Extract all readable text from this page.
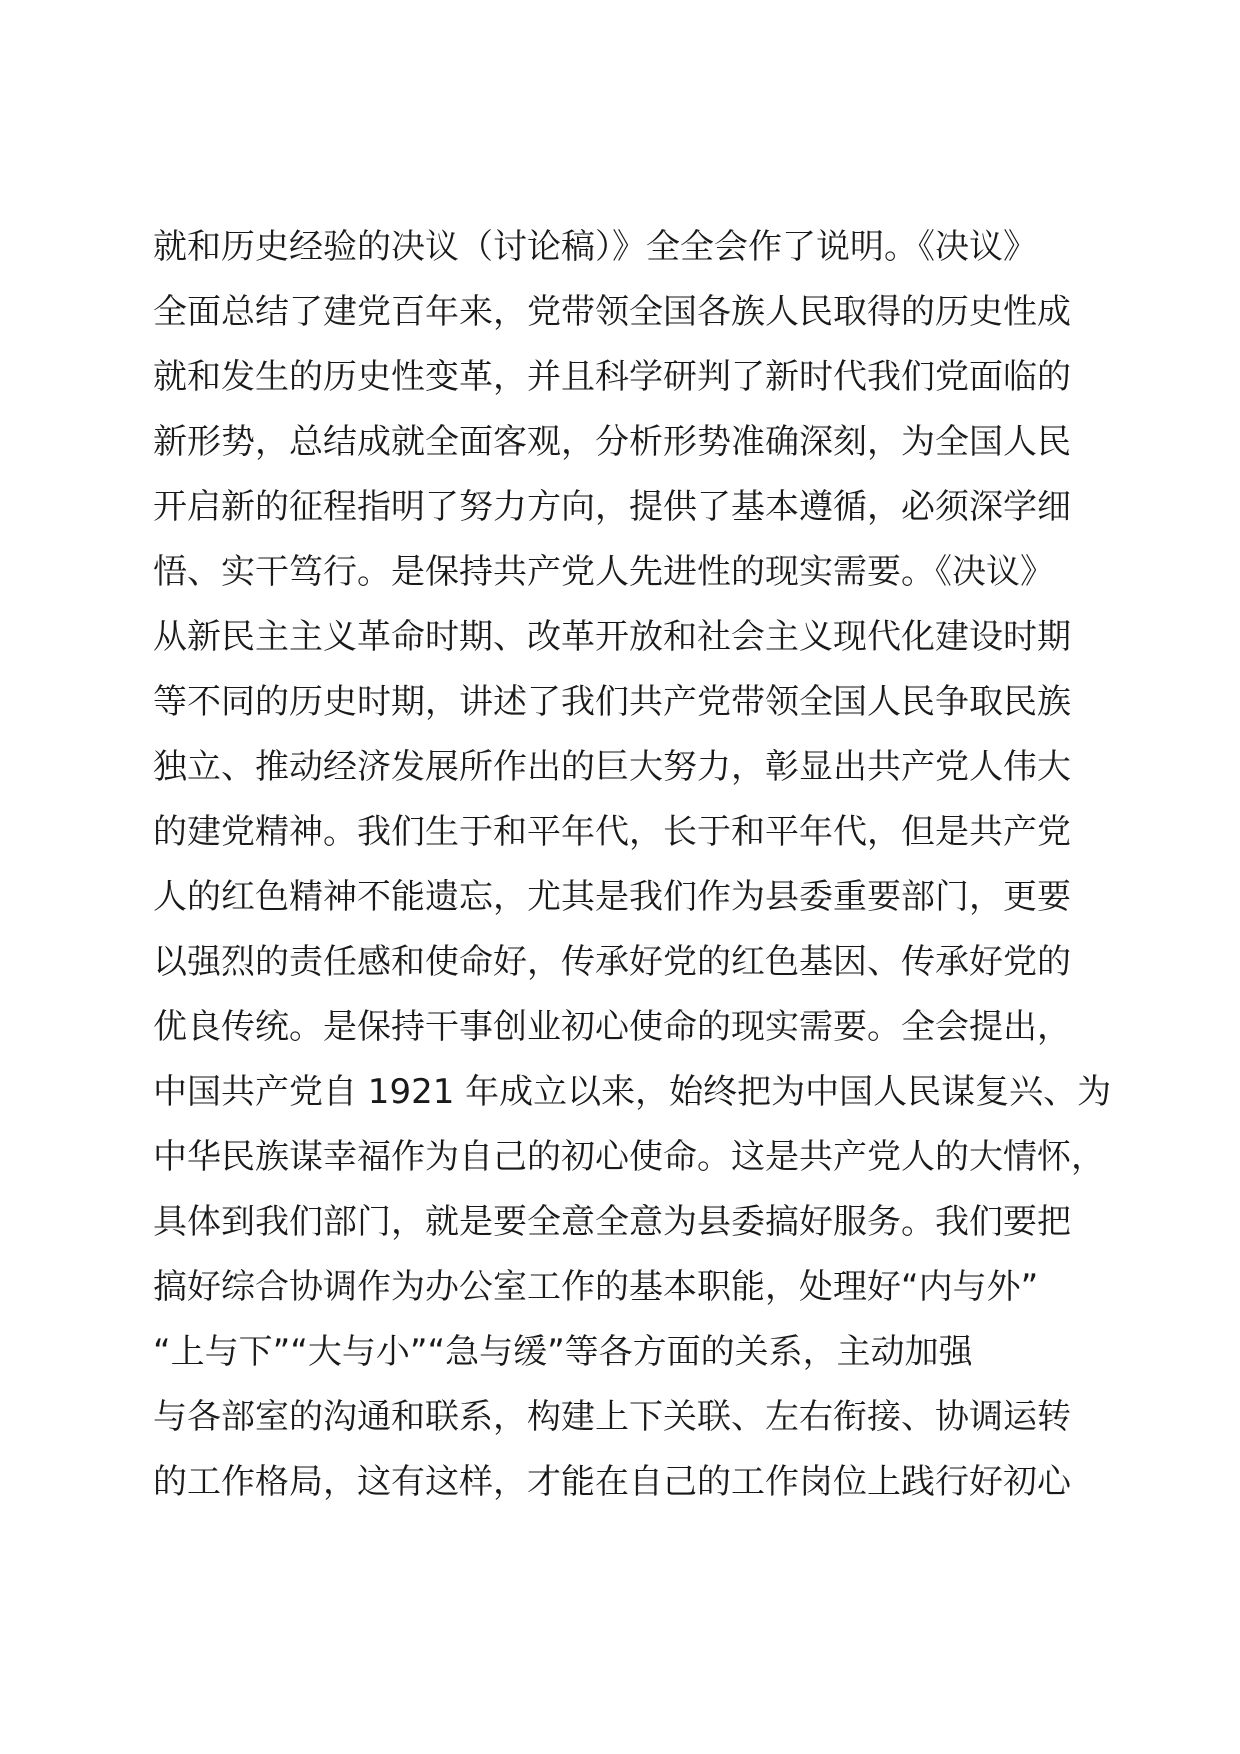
就和历史经验的决议（讨论稿）》全全会作了说明。《决议》
全面总结了建党百年来，党带领全国各族人民取得的历史性成
就和发生的历史性变革，并且科学研判了新时代我们党面临的
新形势，总结成就全面客观，分析形势准确深刻，为全国人民
开启新的征程指明了努力方向，提供了基本遵循，必须深学细
悟、实干笃行。是保持共产党人先进性的现实需要。《决议》
从新民主主义革命时期、改革开放和社会主义现代化建设时期
等不同的历史时期，讲述了我们共产党带领全国人民争取民族
独立、推动经济发展所作出的巨大努力，彰显出共产党人伟大
的建党精神。我们生于和平年代，长于和平年代，但是共产党
人的红色精神不能遗忘，尤其是我们作为县委重要部门，更要
以强烈的责任感和使命好，传承好党的红色基因、传承好党的
优良传统。是保持干事创业初心使命的现实需要。全会提出，
中国共产党自 1921 年成立以来，始终把为中国人民谋复兴、为
中华民族谋幸福作为自己的初心使命。这是共产党人的大情怀，
具体到我们部门，就是要全意全意为县委搞好服务。我们要把
搞好综合协调作为办公室工作的基本职能，处理好“内与外”
“上与下”“大与小”“急与缓”等各方面的关系，主动加强
与各部室的沟通和联系，构建上下关联、左右衔接、协调运转
的工作格局，这有这样，才能在自己的工作岗位上践行好初心
